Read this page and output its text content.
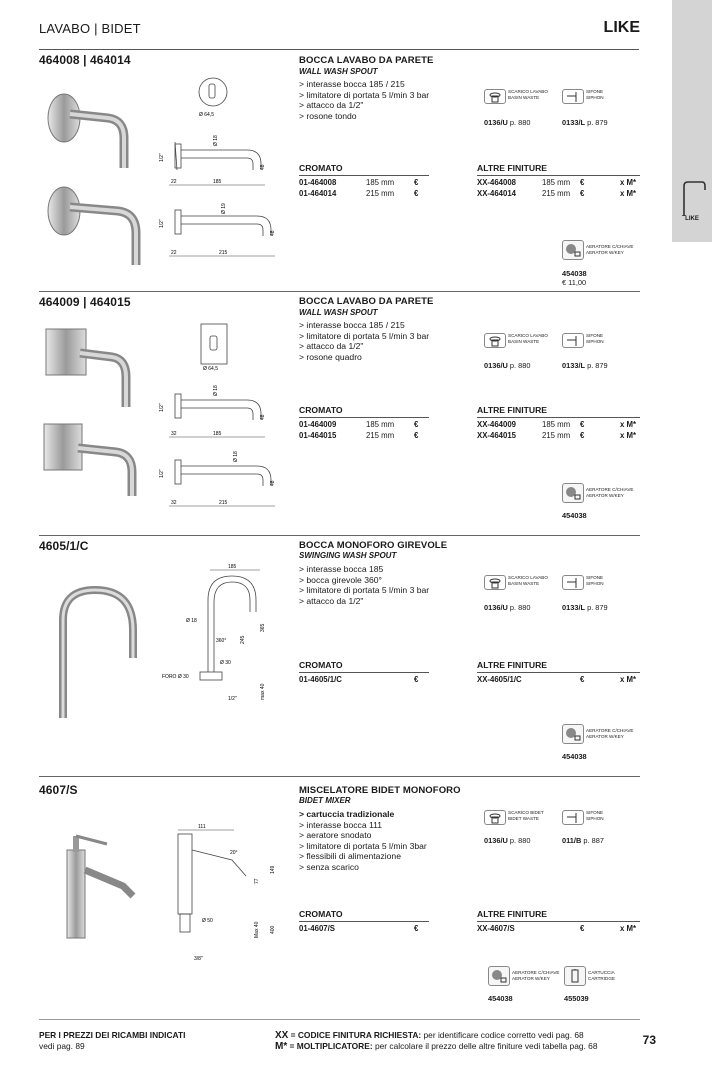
LAVABO | BIDET	LIKE
LIKE
464008 | 464014	BOCCA LAVABO DA PARETE
WALL WASH SPOUT
> interasse bocca 185 / 215
> limitatore di portata 5 l/min 3 bar
> attacco da 1/2"
> rosone tondo
Ø 64,5
Ø 18
1/2"
48
22	185
Ø 19
1/2"
48
22	215
SCARICO LAVABO
BASIN WASTE
SIFONE
SIPHON
0136/U p. 880	0133/L p. 879
CROMATO	ALTRE FINITURE
01-464008	185 mm	€	XX-464008	185 mm €	x M*
01-464014	215 mm	€	XX-464014	215 mm €	x M*
AERATORE C/CHIAVE
AERATOR W/KEY
454038
€ 11,00
464009 | 464015	BOCCA LAVABO DA PARETE
WALL WASH SPOUT
> interasse bocca 185 / 215
> limitatore di portata 5 l/min 3 bar
> attacco da 1/2"
> rosone quadro
Ø 64,5
Ø 18
1/2"
48
32	185
Ø 18
1/2"
48
32	215
SCARICO LAVABO
BASIN WASTE
SIFONE
SIPHON
0136/U p. 880	0133/L p. 879
CROMATO	ALTRE FINITURE
01-464009	185 mm	€	XX-464009	185 mm €	x M*
01-464015	215 mm	€	XX-464015	215 mm €	x M*
AERATORE C/CHIAVE
AERATOR W/KEY
454038
4605/1/C	BOCCA MONOFORO GIREVOLE
SWINGING WASH SPOUT
> interasse bocca 185
> bocca girevole 360°
> limitatore di portata 5 l/min 3 bar
> attacco da 1/2"
185
Ø 18
360°	245
365
Ø 30
FORO Ø 30
max 40
1/2"
SCARICO LAVABO
BASIN WASTE
SIFONE
SIPHON
0136/U p. 880	0133/L p. 879
CROMATO	ALTRE FINITURE
01-4605/1/C	€	XX-4605/1/C	€	x M*
AERATORE C/CHIAVE
AERATOR W/KEY
454038
4607/S	MISCELATORE BIDET MONOFORO
BIDET MIXER
> cartuccia tradizionale
> interasse bocca 111
> aeratore snodato
> limitatore di portata 5 l/min 3bar
> flessibili di alimentazione
> senza scarico
111
20°
149
77
Ø 50
Max 40 400
3/8"
SCARICO BIDET
BIDET WASTE
SIFONE
SIPHON
0136/U p. 880	011/B p. 887
CROMATO	ALTRE FINITURE
01-4607/S	€	XX-4607/S	€	x M*
AERATORE C/CHIAVE
AERATOR W/KEY
CARTUCCIA
CARTRIDGE
454038	455039
PER I PREZZI DEI RICAMBI INDICATI
vedi pag. 89
XX = CODICE FINITURA RICHIESTA: per identificare codice corretto vedi pag. 68
M* = MOLTIPLICATORE: per calcolare il prezzo delle altre finiture vedi tabella pag. 68	73
